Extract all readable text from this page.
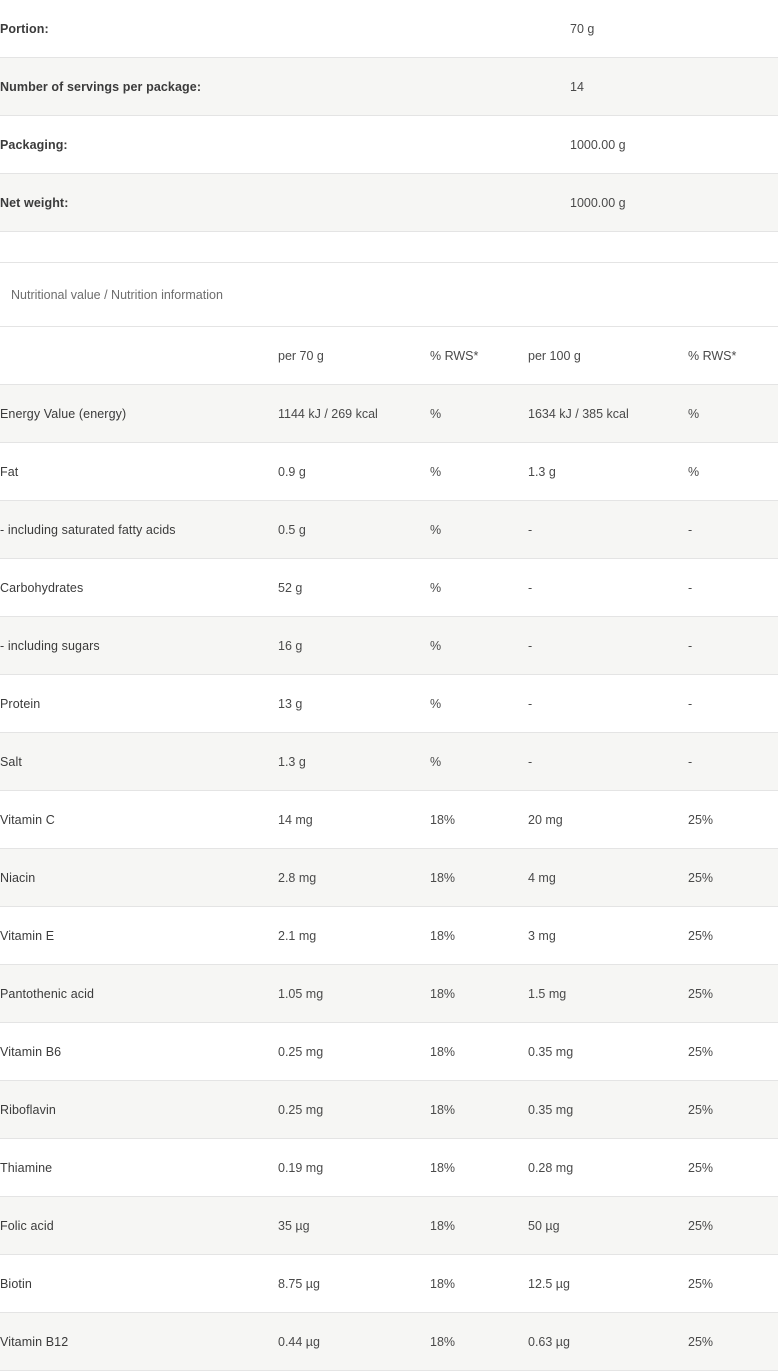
Portion:	70 g
Number of servings per package:	14
Packaging:	1000.00 g
Net weight:	1000.00 g
Nutritional value / Nutrition information
	per 70 g	% RWS*	per 100 g	% RWS*
Energy Value (energy)	1144 kJ / 269 kcal	%	1634 kJ / 385 kcal	%
Fat	0.9 g	%	1.3 g	%
- including saturated fatty acids	0.5 g	%	-	-
Carbohydrates	52 g	%	-	-
- including sugars	16 g	%	-	-
Protein	13 g	%	-	-
Salt	1.3 g	%	-	-
Vitamin C	14 mg	18%	20 mg	25%
Niacin	2.8 mg	18%	4 mg	25%
Vitamin E	2.1 mg	18%	3 mg	25%
Pantothenic acid	1.05 mg	18%	1.5 mg	25%
Vitamin B6	0.25 mg	18%	0.35 mg	25%
Riboflavin	0.25 mg	18%	0.35 mg	25%
Thiamine	0.19 mg	18%	0.28 mg	25%
Folic acid	35 µg	18%	50 µg	25%
Biotin	8.75 µg	18%	12.5 µg	25%
Vitamin B12	0.44 µg	18%	0.63 µg	25%
